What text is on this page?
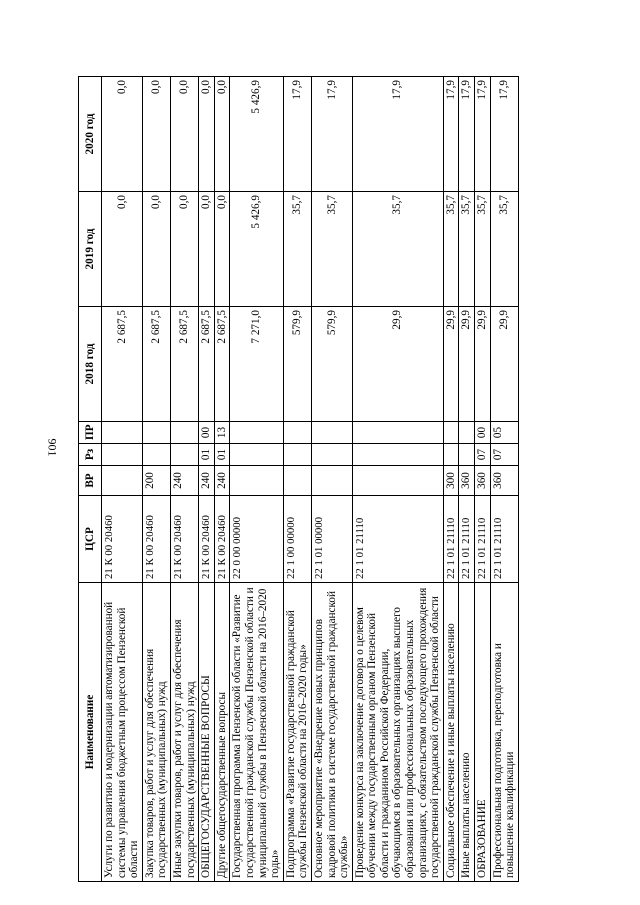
901
Наименование	ЦСР	ВР	Рз	ПР	2018 год	2019 год	2020 год
Услуги по развитию и модернизации автоматизированной системы управления бюджетным процессом Пензенской области	21 К 00 20460				2 687,5	0,0	0,0
Закупка товаров, работ и услуг для обеспечения государственных (муниципальных) нужд	21 К 00 20460	200			2 687,5	0,0	0,0
Иные закупки товаров, работ и услуг для обеспечения государственных (муниципальных) нужд	21 К 00 20460	240			2 687,5	0,0	0,0
ОБЩЕГОСУДАРСТВЕННЫЕ ВОПРОСЫ	21 К 00 20460	240	01	00	2 687,5	0,0	0,0
Другие общегосударственные вопросы	21 К 00 20460	240	01	13	2 687,5	0,0	0,0
Государственная программа Пензенской области «Развитие государственной гражданской службы Пензенской области и муниципальной службы в Пензенской области на 2016–2020 годы»	22 0 00 00000				7 271,0	5 426,9	5 426,9
Подпрограмма «Развитие государственной гражданской службы Пензенской области на 2016–2020 годы»	22 1 00 00000				579,9	35,7	17,9
Основное мероприятие «Внедрение новых принципов кадровой политики в системе государственной гражданской службы»	22 1 01 00000				579,9	35,7	17,9
Проведение конкурса на заключение договора о целевом обучении между государственным органом Пензенской области и гражданином Российской Федерации, обучающимся в образовательных организациях высшего образования или профессиональных образовательных организациях, с обязательством последующего прохождения государственной гражданской службы Пензенской области	22 1 01 21110				29,9	35,7	17,9
Социальное обеспечение и иные выплаты населению	22 1 01 21110	300			29,9	35,7	17,9
Иные выплаты населению	22 1 01 21110	360			29,9	35,7	17,9
ОБРАЗОВАНИЕ	22 1 01 21110	360	07	00	29,9	35,7	17,9
Профессиональная подготовка, переподготовка и повышение квалификации	22 1 01 21110	360	07	05	29,9	35,7	17,9
